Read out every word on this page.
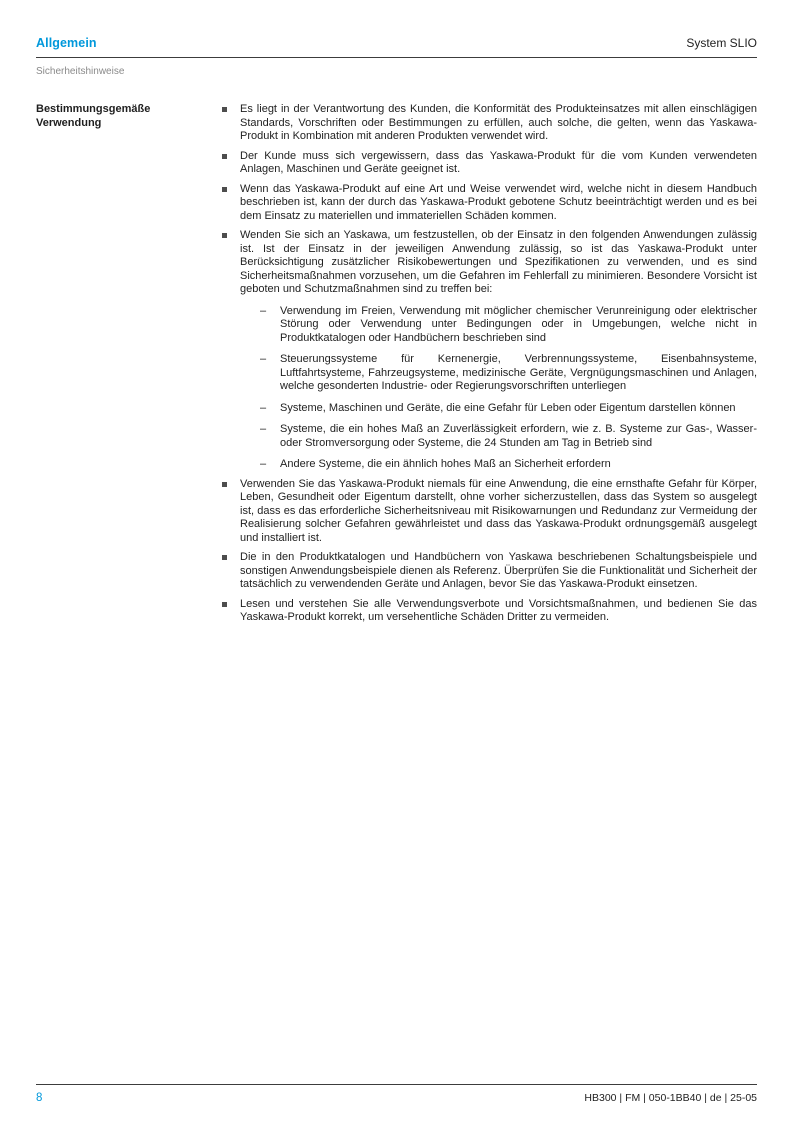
Allgemein	System SLIO
Sicherheitshinweise
Bestimmungsgemäße Verwendung

Es liegt in der Verantwortung des Kunden, die Konformität des Produkteinsatzes mit allen einschlägigen Standards, Vorschriften oder Bestimmungen zu erfüllen, auch solche, die gelten, wenn das Yaskawa-Produkt in Kombination mit anderen Produkten verwendet wird.

Der Kunde muss sich vergewissern, dass das Yaskawa-Produkt für die vom Kunden verwendeten Anlagen, Maschinen und Geräte geeignet ist.

Wenn das Yaskawa-Produkt auf eine Art und Weise verwendet wird, welche nicht in diesem Handbuch beschrieben ist, kann der durch das Yaskawa-Produkt gebotene Schutz beeinträchtigt werden und es bei dem Einsatz zu materiellen und immateriellen Schäden kommen.

Wenden Sie sich an Yaskawa, um festzustellen, ob der Einsatz in den folgenden Anwendungen zulässig ist. Ist der Einsatz in der jeweiligen Anwendung zulässig, so ist das Yaskawa-Produkt unter Berücksichtigung zusätzlicher Risikobewertungen und Spezifikationen zu verwenden, und es sind Sicherheitsmaßnahmen vorzusehen, um die Gefahren im Fehlerfall zu minimieren. Besondere Vorsicht ist geboten und Schutzmaßnahmen sind zu treffen bei:

– Verwendung im Freien, Verwendung mit möglicher chemischer Verunreinigung oder elektrischer Störung oder Verwendung unter Bedingungen oder in Umgebungen, welche nicht in Produktkatalogen oder Handbüchern beschrieben sind

– Steuerungssysteme für Kernenergie, Verbrennungssysteme, Eisenbahnsysteme, Luftfahrtsysteme, Fahrzeugsysteme, medizinische Geräte, Vergnügungsmaschinen und Anlagen, welche gesonderten Industrie- oder Regierungsvorschriften unterliegen

– Systeme, Maschinen und Geräte, die eine Gefahr für Leben oder Eigentum darstellen können

– Systeme, die ein hohes Maß an Zuverlässigkeit erfordern, wie z. B. Systeme zur Gas-, Wasser- oder Stromversorgung oder Systeme, die 24 Stunden am Tag in Betrieb sind

– Andere Systeme, die ein ähnlich hohes Maß an Sicherheit erfordern

Verwenden Sie das Yaskawa-Produkt niemals für eine Anwendung, die eine ernsthafte Gefahr für Körper, Leben, Gesundheit oder Eigentum darstellt, ohne vorher sicherzustellen, dass das System so ausgelegt ist, dass es das erforderliche Sicherheitsniveau mit Risikowarnungen und Redundanz zur Vermeidung der Realisierung solcher Gefahren gewährleistet und dass das Yaskawa-Produkt ordnungsgemäß ausgelegt und installiert ist.

Die in den Produktkatalogen und Handbüchern von Yaskawa beschriebenen Schaltungsbeispiele und sonstigen Anwendungsbeispiele dienen als Referenz. Überprüfen Sie die Funktionalität und Sicherheit der tatsächlich zu verwendenden Geräte und Anlagen, bevor Sie das Yaskawa-Produkt einsetzen.

Lesen und verstehen Sie alle Verwendungsverbote und Vorsichtsmaßnahmen, und bedienen Sie das Yaskawa-Produkt korrekt, um versehentliche Schäden Dritter zu vermeiden.

8	HB300 | FM | 050-1BB40 | de | 25-05
